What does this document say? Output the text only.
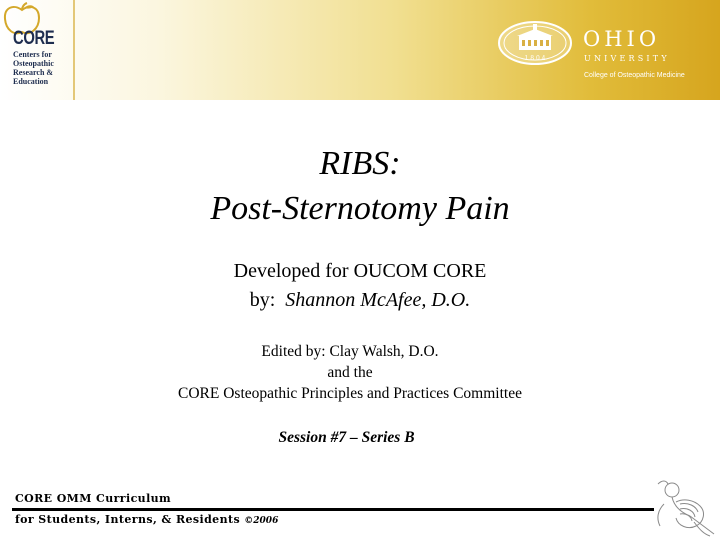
CORE
Centers for
Osteopathic
Research &
Education
1 8 0 4
OHIO
UNIVERSITY
College of Osteopathic Medicine
RIBS:
Post-Sternotomy Pain
Developed for OUCOM CORE
by: Shannon McAfee, D.O.
Edited by: Clay Walsh, D.O.
and the
CORE Osteopathic Principles and Practices Committee
Session #7 – Series B
CORE OMM Curriculum
for Students, Interns, & Residents ©2006
